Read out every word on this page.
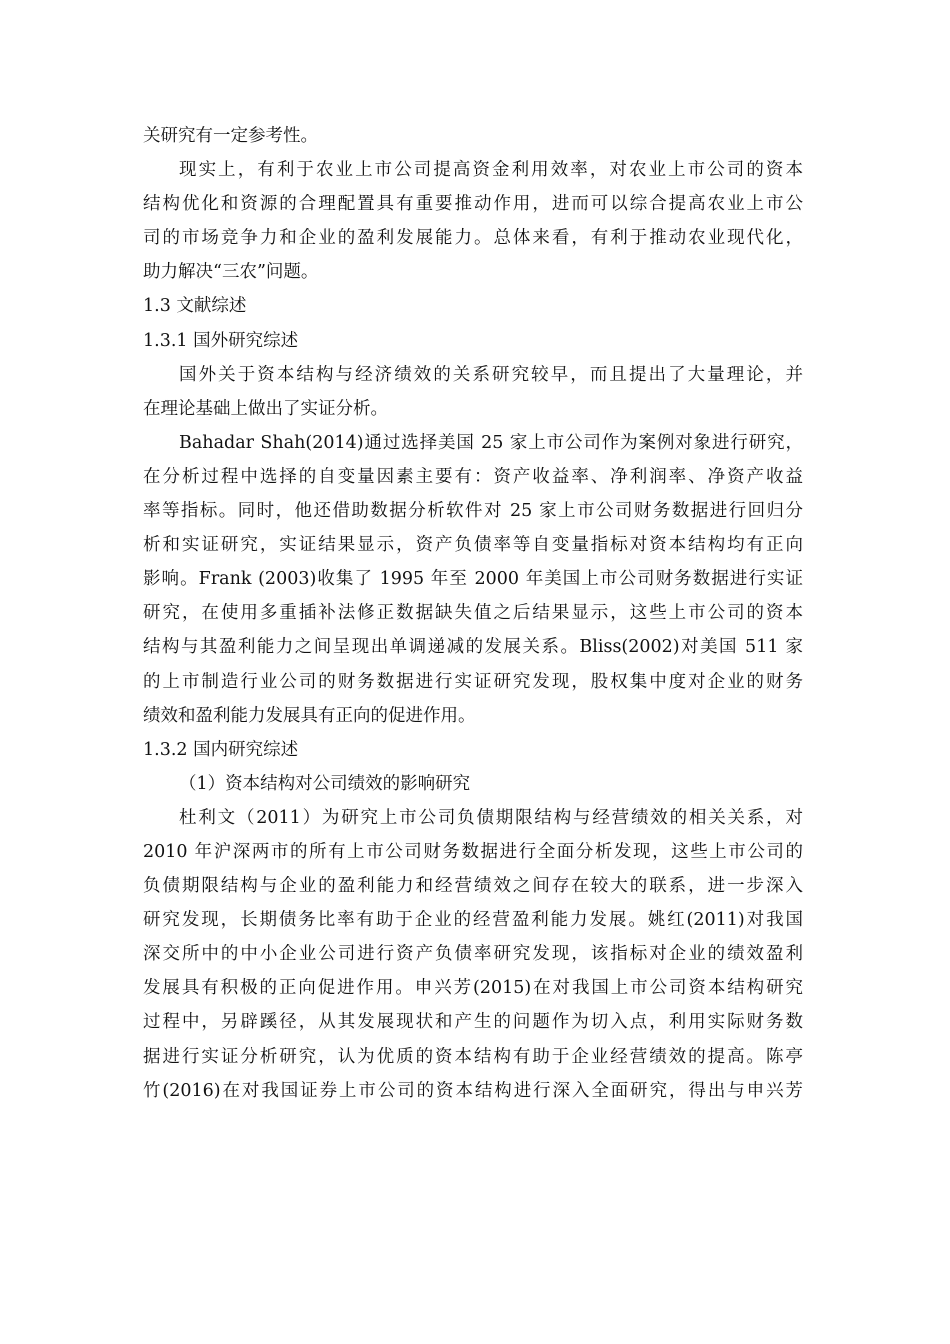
关研究有一定参考性。
现实上，有利于农业上市公司提高资金利用效率，对农业上市公司的资本
结构优化和资源的合理配置具有重要推动作用，进而可以综合提高农业上市公
司的市场竞争力和企业的盈利发展能力。总体来看，有利于推动农业现代化，
助力解决“三农”问题。
1.3 文献综述
1.3.1 国外研究综述
国外关于资本结构与经济绩效的关系研究较早，而且提出了大量理论，并
在理论基础上做出了实证分析。
Bahadar Shah(2014)通过选择美国 25 家上市公司作为案例对象进行研究，
在分析过程中选择的自变量因素主要有：资产收益率、净利润率、净资产收益
率等指标。同时，他还借助数据分析软件对 25 家上市公司财务数据进行回归分
析和实证研究，实证结果显示，资产负债率等自变量指标对资本结构均有正向
影响。Frank (2003)收集了 1995 年至 2000 年美国上市公司财务数据进行实证
研究，在使用多重插补法修正数据缺失值之后结果显示，这些上市公司的资本
结构与其盈利能力之间呈现出单调递减的发展关系。Bliss(2002)对美国 511 家
的上市制造行业公司的财务数据进行实证研究发现，股权集中度对企业的财务
绩效和盈利能力发展具有正向的促进作用。
1.3.2 国内研究综述
（1）资本结构对公司绩效的影响研究
杜利文（2011）为研究上市公司负债期限结构与经营绩效的相关关系，对
2010 年沪深两市的所有上市公司财务数据进行全面分析发现，这些上市公司的
负债期限结构与企业的盈利能力和经营绩效之间存在较大的联系，进一步深入
研究发现，长期债务比率有助于企业的经营盈利能力发展。姚红(2011)对我国
深交所中的中小企业公司进行资产负债率研究发现，该指标对企业的绩效盈利
发展具有积极的正向促进作用。申兴芳(2015)在对我国上市公司资本结构研究
过程中，另辟蹊径，从其发展现状和产生的问题作为切入点，利用实际财务数
据进行实证分析研究，认为优质的资本结构有助于企业经营绩效的提高。陈亭
竹(2016)在对我国证券上市公司的资本结构进行深入全面研究，得出与申兴芳
